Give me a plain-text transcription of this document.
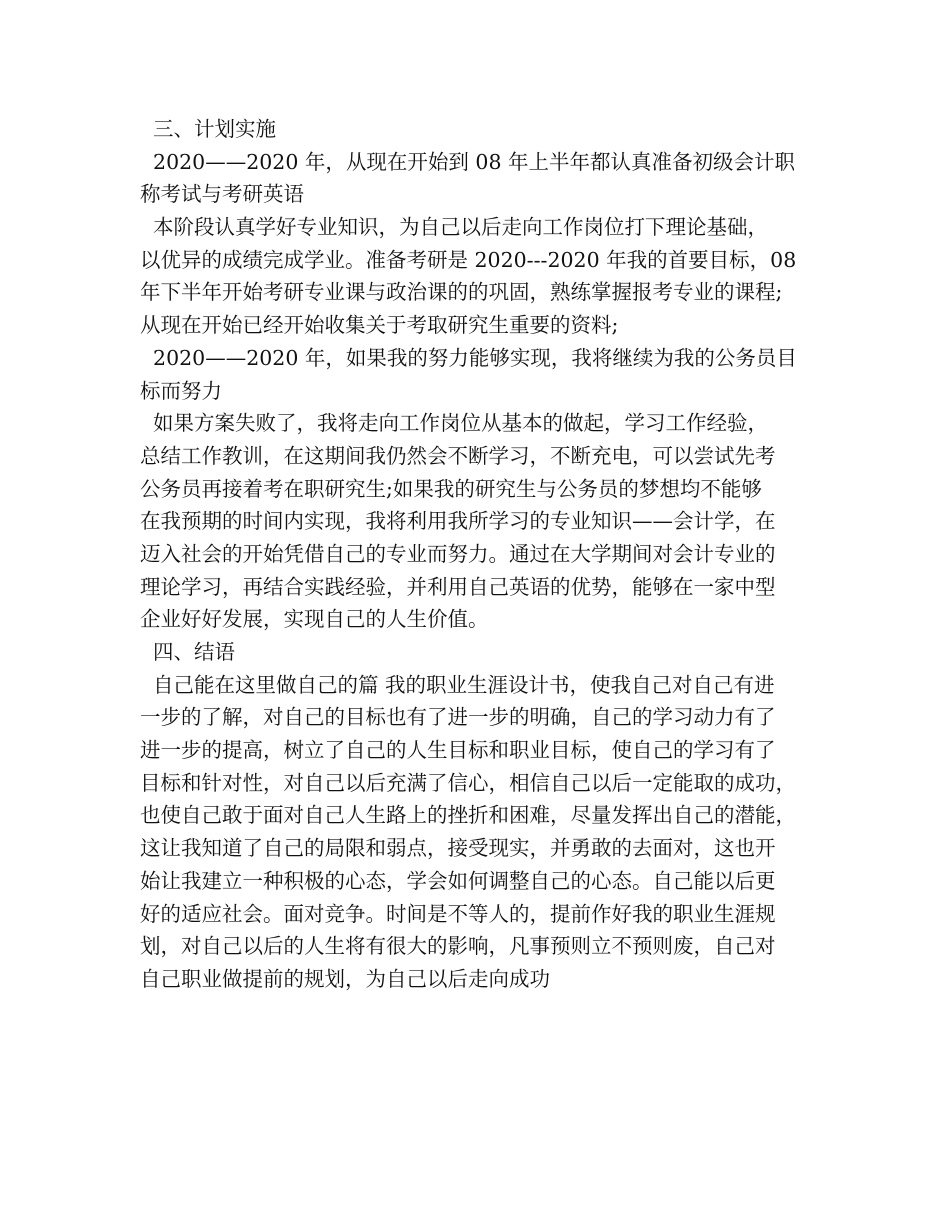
三、计划实施
2020——2020 年，从现在开始到 08 年上半年都认真准备初级会计职
称考试与考研英语
本阶段认真学好专业知识，为自己以后走向工作岗位打下理论基础，
以优异的成绩完成学业。准备考研是 2020---2020 年我的首要目标，08
年下半年开始考研专业课与政治课的的巩固，熟练掌握报考专业的课程;
从现在开始已经开始收集关于考取研究生重要的资料;
2020——2020 年，如果我的努力能够实现，我将继续为我的公务员目
标而努力
如果方案失败了，我将走向工作岗位从基本的做起，学习工作经验，
总结工作教训，在这期间我仍然会不断学习，不断充电，可以尝试先考
公务员再接着考在职研究生;如果我的研究生与公务员的梦想均不能够
在我预期的时间内实现，我将利用我所学习的专业知识——会计学，在
迈入社会的开始凭借自己的专业而努力。通过在大学期间对会计专业的
理论学习，再结合实践经验，并利用自己英语的优势，能够在一家中型
企业好好发展，实现自己的人生价值。
四、结语
自己能在这里做自己的篇 我的职业生涯设计书，使我自己对自己有进
一步的了解，对自己的目标也有了进一步的明确，自己的学习动力有了
进一步的提高，树立了自己的人生目标和职业目标，使自己的学习有了
目标和针对性，对自己以后充满了信心，相信自己以后一定能取的成功，
也使自己敢于面对自己人生路上的挫折和困难，尽量发挥出自己的潜能，
这让我知道了自己的局限和弱点，接受现实，并勇敢的去面对，这也开
始让我建立一种积极的心态，学会如何调整自己的心态。自己能以后更
好的适应社会。面对竞争。时间是不等人的，提前作好我的职业生涯规
划，对自己以后的人生将有很大的影响，凡事预则立不预则废，自己对
自己职业做提前的规划，为自己以后走向成功
